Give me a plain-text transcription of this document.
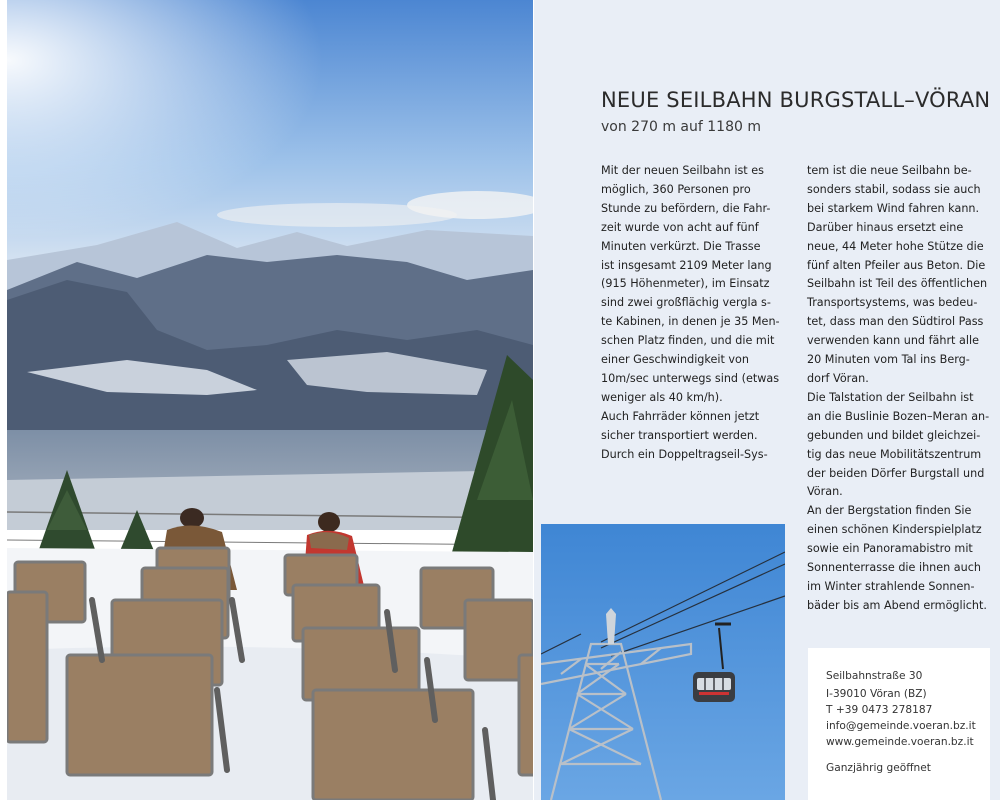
NEUE SEILBAHN BURGSTALL–VÖRAN

von 270 m auf 1180 m

Mit der neuen Seilbahn ist es
möglich, 360 Personen pro
Stunde zu befördern, die Fahr-
zeit wurde von acht auf fünf
Minuten verkürzt. Die Trasse
ist insgesamt 2109 Meter lang
(915 Höhenmeter), im Einsatz
sind zwei großflächig vergla s-
te Kabinen, in denen je 35 Men-
schen Platz finden, und die mit
einer Geschwindigkeit von
10m/sec unterwegs sind (etwas
weniger als 40 km/h).
Auch Fahrräder können jetzt
sicher transportiert werden.
Durch ein Doppeltragseil-Sys-
tem ist die neue Seilbahn be-
sonders stabil, sodass sie auch
bei starkem Wind fahren kann.
Darüber hinaus ersetzt eine
neue, 44 Meter hohe Stütze die
fünf alten Pfeiler aus Beton. Die
Seilbahn ist Teil des öffentlichen
Transportsystems, was bedeu-
tet, dass man den Südtirol Pass
verwenden kann und fährt alle
20 Minuten vom Tal ins Berg-
dorf Vöran.
Die Talstation der Seilbahn ist
an die Buslinie Bozen–Meran an-
gebunden und bildet gleichzei-
tig das neue Mobilitätszentrum
der beiden Dörfer Burgstall und
Vöran.
An der Bergstation finden Sie
einen schönen Kinderspielplatz
sowie ein Panoramabistro mit
Sonnenterrasse die ihnen auch
im Winter strahlende Sonnen-
bäder bis am Abend ermöglicht.
Seilbahnstraße 30
I-39010 Vöran (BZ)
T +39 0473 278187
info@gemeinde.voeran.bz.it
www.gemeinde.voeran.bz.it
Ganzjährig geöffnet
